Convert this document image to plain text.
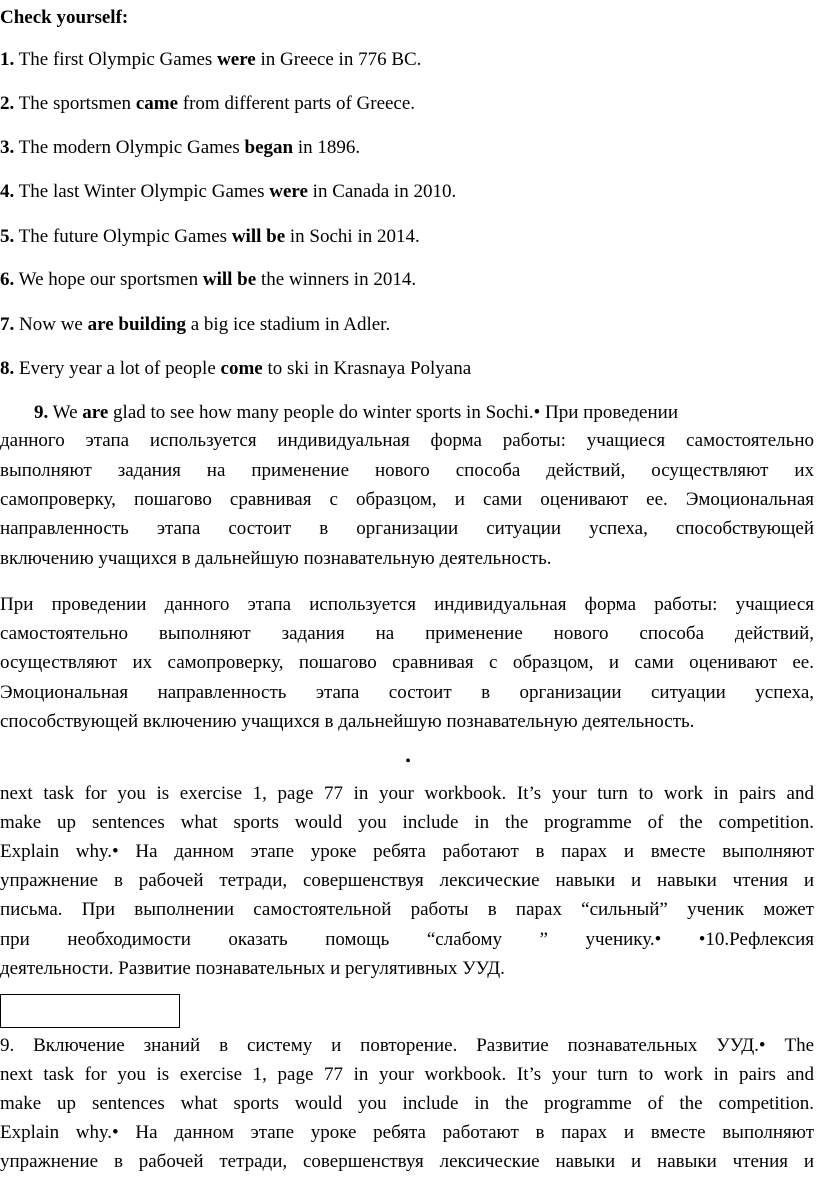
Check yourself:
1. The first Olympic Games were in Greece in 776 BC.
2. The sportsmen came from different parts of Greece.
3. The modern Olympic Games began in 1896.
4. The last Winter Olympic Games were in Canada in 2010.
5. The future Olympic Games will be in Sochi in 2014.
6. We hope our sportsmen will be the winners in 2014.
7. Now we are building a big ice stadium in Adler.
8. Every year a lot of people come to ski in Krasnaya Polyana
9. We are glad to see how many people do winter sports in Sochi.• При проведении
данного этапа используется индивидуальная форма работы: учащиеся самостоятельно
выполняют задания на применение нового способа действий, осуществляют их
самопроверку, пошагово сравнивая с образцом, и сами оценивают ее. Эмоциональная
направленность этапа состоит в организации ситуации успеха, способствующей
включению учащихся в дальнейшую познавательную деятельность.
При проведении данного этапа используется индивидуальная форма работы: учащиеся
самостоятельно выполняют задания на применение нового способа действий,
осуществляют их самопроверку, пошагово сравнивая с образцом, и сами оценивают ее.
Эмоциональная направленность этапа состоит в организации ситуации успеха,
способствующей включению учащихся в дальнейшую познавательную деятельность.
•
next task for you is exercise 1, page 77 in your workbook. It’s your turn to work in pairs and
make up sentences what sports would you include in the programme of the competition.
Explain why.• На данном этапе уроке ребята работают в парах и вместе выполняют
упражнение в рабочей тетради, совершенствуя лексические навыки и навыки чтения и
письма. При выполнении самостоятельной работы в парах “сильный” ученик может
при необходимости оказать помощь “слабому ” ученику.• •10.Рефлексия
деятельности. Развитие познавательных и регулятивных УУД.
9. Включение знаний в систему и повторение. Развитие познавательных УУД.• The
next task for you is exercise 1, page 77 in your workbook. It’s your turn to work in pairs and
make up sentences what sports would you include in the programme of the competition.
Explain why.• На данном этапе уроке ребята работают в парах и вместе выполняют
упражнение в рабочей тетради, совершенствуя лексические навыки и навыки чтения и
